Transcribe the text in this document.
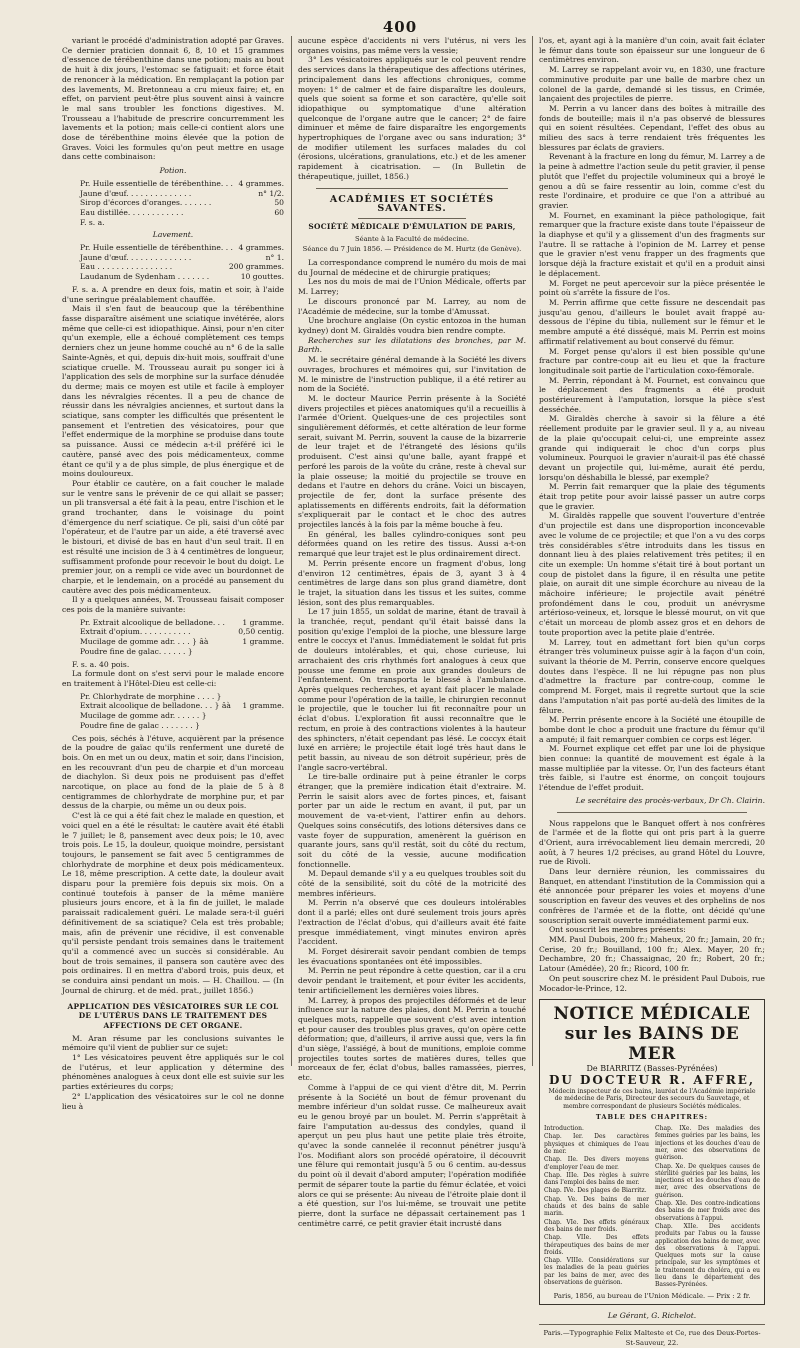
400

variant le procédé d'administration adopté par Graves. Ce dernier praticien donnait 6, 8, 10 et 15 grammes d'essence de térébenthine dans une potion; mais au bout de huit à dix jours, l'estomac se fatiguait: et force était de renoncer à la médication. En remplaçant la potion par des lavements, M. Bretonneau a cru mieux faire; et, en effet, on parvient peut-être plus souvent ainsi à vaincre le mal sans troubler les fonctions digestives. M. Trousseau a l'habitude de prescrire concurremment les lavements et la potion; mais celle-ci contient alors une dose de térébenthine moins élevée que la potion de Graves. Voici les formules qu'on peut mettre en usage dans cette combinaison:

Potion.
Pr. Huile essentielle de térébenthine. . . 4 grammes.
Jaune d'œuf. . . . . . . . . . . . . .	n° 1/2.
Sirop d'écorces d'oranges. . . . . . .	50
Eau distillée. . . . . . . . . . . .	60
F. s. a.
Lavement.
Pr. Huile essentielle de térébenthine. . . 4 grammes.
Jaune d'œuf. . . . . . . . . . . . . .	n° 1.
Eau . . . . . . . . . . . . . . . .	200 grammes.
Laudanum de Sydenham . . . . . . .	10 gouttes.

F. s. a. A prendre en deux fois, matin et soir, à l'aide d'une seringue préalablement chauffée.

Mais il s'en faut de beaucoup que la térébenthine fasse disparaître aisément une sciatique invétérée, alors même que celle-ci est idiopathique. Ainsi, pour n'en citer qu'un exemple, elle a échoué complètement ces temps derniers chez un jeune homme couché au n° 6 de la salle Sainte-Agnès, et qui, depuis dix-huit mois, souffrait d'une sciatique cruelle. M. Trousseau aurait pu songer ici à l'application des sels de morphine sur la surface dénudée du derme; mais ce moyen est utile et facile à employer dans les névralgies récentes. Il a peu de chance de réussir dans les névralgies anciennes, et surtout dans la sciatique, sans compter les difficultés que présentent le pansement et l'entretien des vésicatoires, pour que l'effet endermique de la morphine se produise dans toute sa puissance. Aussi ce médecin a-t-il préféré ici le cautère, pansé avec des pois médicamenteux, comme étant ce qu'il y a de plus simple, de plus énergique et de moins douloureux.

Pour établir ce cautère, on a fait coucher le malade sur le ventre sans le prévenir de ce qui allait se passer; un pli transversal a été fait à la peau, entre l'ischion et le grand trochanter, dans le voisinage du point d'émergence du nerf sciatique. Ce pli, saisi d'un côté par l'opérateur, et de l'autre par un aide, a été traversé avec le bistouri, et divisé de bas en haut d'un seul trait. Il en est résulté une incision de 3 à 4 centimètres de longueur, suffisamment profonde pour recevoir le bout du doigt. Le premier jour, on a rempli ce vide avec un bourdonnet de charpie, et le lendemain, on a procédé au pansement du cautère avec des pois médicamenteux.

Il y a quelques années, M. Trousseau faisait composer ces pois de la manière suivante:

Pr. Extrait alcoolique de belladone. . . 1 gramme.
Extrait d'opium. . . . . . . . . . .	0,50 centig.
Mucilage de gomme adr. . . . } âà	1 gramme.
Poudre fine de galac. . . . . . }

F. s. a. 40 pois.

La formule dont on s'est servi pour le malade encore en traitement à l'Hôtel-Dieu est celle-ci:

Pr. Chlorhydrate de morphine . . . . }
Extrait alcoolique de belladone. . . } âà 1 gramme.
Mucilage de gomme adr. . . . . . }
Poudre fine de galac . . . . . . . }

Ces pois, séchés à l'étuve, acquièrent par la présence de la poudre de gaïac qu'ils renferment une dureté de bois. On en met un ou deux, matin et soir, dans l'incision, en les recouvrant d'un peu de charpie et d'un morceau de diachylon. Si deux pois ne produisent pas d'effet narcotique, on place au fond de la plaie de 5 à 8 centigrammes de chlorhydrate de morphine pur, et par dessus de la charpie, ou même un ou deux pois.

C'est là ce qui a été fait chez le malade en question, et voici quel en a été le résultat: le cautère avait été établi le 7 juillet; le 8, pansement avec deux pois; le 10, avec trois pois. Le 15, la douleur, quoique moindre, persistant toujours, le pansement se fait avec 5 centigrammes de chlorhydrate de morphine et deux pois médicamenteux. Le 18, même prescription. A cette date, la douleur avait disparu pour la première fois depuis six mois. On a continué toutefois à panser de la même manière plusieurs jours encore, et à la fin de juillet, le malade paraissait radicalement guéri. Le malade sera-t-il guéri définitivement de sa sciatique? Cela est très probable; mais, afin de prévenir une récidive, il est convenable qu'il persiste pendant trois semaines dans le traitement qu'il a commencé avec un succès si considérable. Au bout de trois semaines, il pansera son cautère avec des pois ordinaires. Il en mettra d'abord trois, puis deux, et se conduira ainsi pendant un mois. — H. Chaillou. — (In Journal de chirurg. et de méd. prat., juillet 1856.)

APPLICATION DES VÉSICATOIRES SUR LE COL DE L'UTÉRUS DANS LE TRAITEMENT DES AFFECTIONS DE CET ORGANE.

M. Aran résume par les conclusions suivantes le mémoire qu'il vient de publier sur ce sujet:

1° Les vésicatoires peuvent être appliqués sur le col de l'utérus, et leur application y détermine des phénomènes analogues à ceux dont elle est suivie sur les parties extérieures du corps;

2° L'application des vésicatoires sur le col ne donne lieu à

aucune espèce d'accidents ni vers l'utérus, ni vers les organes voisins, pas même vers la vessie;

3° Les vésicatoires appliqués sur le col peuvent rendre des services dans la thérapeutique des affections utérines, principalement dans les affections chroniques, comme moyen: 1° de calmer et de faire disparaître les douleurs, quels que soient sa forme et son caractère, qu'elle soit idiopathique ou symptomatique d'une altération quelconque de l'organe autre que le cancer; 2° de faire diminuer et même de faire disparaître les engorgements hypertrophiques de l'organe avec ou sans induration; 3° de modifier utilement les surfaces malades du col (érosions, ulcérations, granulations, etc.) et de les amener rapidement à cicatrisation. — (In Bulletin de thérapeutique, juillet, 1856.)

ACADÉMIES ET SOCIÉTÉS SAVANTES.
SOCIÉTÉ MÉDICALE D'ÉMULATION DE PARIS,
Séante à la Faculté de médecine.
Séance du 7 Juin 1856. — Présidence de M. Hurtz (de Genève).

La correspondance comprend le numéro du mois de mai du Journal de médecine et de chirurgie pratiques;

Les nos du mois de mai de l'Union Médicale, offerts par M. Larrey;

Le discours prononcé par M. Larrey, au nom de l'Académie de médecine, sur la tombe d'Amussat.

Une brochure anglaise (On cystic entozoa in the human kydney) dont M. Giraldès voudra bien rendre compte.

Recherches sur les dilatations des bronches, par M. Barth.

M. le secrétaire général demande à la Société les divers ouvrages, brochures et mémoires qui, sur l'invitation de M. le ministre de l'instruction publique, il a été retirer au nom de la Société.

M. le docteur Maurice Perrin présente à la Société divers projectiles et pièces anatomiques qu'il a recueillis à l'armée d'Orient. Quelques-une de ces projectiles sont singulièrement déformés, et cette altération de leur forme serait, suivant M. Perrin, souvent la cause de la bizarrerie de leur trajet et de l'étrangeté des lésions qu'ils produisent. C'est ainsi qu'une balle, ayant frappé et perforé les parois de la voûte du crâne, reste à cheval sur la plaie osseuse; la moitié du projectile se trouve en dedans et l'autre en dehors du crâne. Voici un biscayen, projectile de fer, dont la surface présente des aplatissements en différents endroits, fait la déformation s'expliquerait par le contact et le choc des autres projectiles lancés à la fois par la même bouche à feu.

En général, les balles cylindro-coniques sont peu déformées quand on les retire des tissus. Aussi a-t-on remarqué que leur trajet est le plus ordinairement direct.

M. Perrin présente encore un fragment d'obus, long d'environ 12 centimètres, épais de 3, ayant 3 à 4 centimètres de large dans son plus grand diamètre, dont le trajet, la situation dans les tissus et les suites, comme lésion, sont des plus remarquables.

Le 17 juin 1855, un soldat de marine, étant de travail à la tranchée, reçut, pendant qu'il était baissé dans la position qu'exige l'emploi de la pioche, une blessure large entre le coccyx et l'anus. Immédiatement le soldat fut pris de douleurs intolérables, et qui, chose curieuse, lui arrachaient des cris rhythmés fort analogues à ceux que pousse une femme en proie aux grandes douleurs de l'enfantement. On transporta le blessé à l'ambulance. Après quelques recherches, et ayant fait placer le malade comme pour l'opération de la taille, le chirurgien reconnut le projectile, que le toucher lui fit reconnaître pour un éclat d'obus. L'exploration fit aussi reconnaître que le rectum, en proie à des contractions violentes à la hauteur des sphincters, n'était cependant pas lésé. Le coccyx était luxé en arrière; le projectile était logé très haut dans le petit bassin, au niveau de son détroit supérieur, près de l'angle sacro-vertébral.

Le tire-balle ordinaire put à peine étranler le corps étranger, que la première indication était d'extraire. M. Perrin le saisit alors avec de fortes pinces, et, faisant porter par un aide le rectum en avant, il put, par un mouvement de va-et-vient, l'attirer enfin au dehors. Quelques soins consécutifs, des lotions détersives dans ce vaste foyer de suppuration, amenèrent la guérison en quarante jours, sans qu'il restât, soit du côté du rectum, soit du côté de la vessie, aucune modification fonctionnelle.

M. Depaul demande s'il y a eu quelques troubles soit du côté de la sensibilité, soit du côté de la motricité des membres inférieurs.

M. Perrin n'a observé que ces douleurs intolérables dont il a parlé; elles ont duré seulement trois jours après l'extraction de l'éclat d'obus, qui d'ailleurs avait été faite presque immédiatement, vingt minutes environ après l'accident.

M. Forget désirerait savoir pendant combien de temps les évacuations spontanées ont été impossibles.

M. Perrin ne peut répondre à cette question, car il a cru devoir pendant le traitement, et pour éviter les accidents, tenir artificiellement les dernières voies libres.

M. Larrey, à propos des projectiles déformés et de leur influence sur la nature des plaies, dont M. Perrin a touché quelques mots, rappelle que souvent c'est avec intention et pour causer des troubles plus graves, qu'on opère cette déformation; que, d'ailleurs, il arrive aussi que, vers la fin d'un siège, l'assiégé, à bout de munitions, emploie comme projectiles toutes sortes de matières dures, telles que morceaux de fer, éclat d'obus, balles ramassées, pierres, etc.

Comme à l'appui de ce qui vient d'être dit, M. Perrin présente à la Société un bout de fémur provenant du membre inférieur d'un soldat russe. Ce malheureux avait eu le genou broyé par un boulet. M. Perrin s'apprêtait à faire l'amputation au-dessus des condyles, quand il aperçut un peu plus haut une petite plaie très étroite, qu'avec la sonde cannelée il reconnut pénétrer jusqu'à l'os. Modifiant alors son procédé opératoire, il découvrit une fêlure qui remontait jusqu'à 5 ou 6 centim. au-dessus du point où il devait d'abord amputer; l'opération modifiée permit de séparer toute la partie du fémur éclatée, et voici alors ce qui se présente: Au niveau de l'étroite plaie dont il a été question, sur l'os lui-même, se trouvait une petite pierre, dont la surface ne dépassait certainement pas 1 centimètre carré, ce petit gravier était incrusté dans

l'os, et, ayant agi à la manière d'un coin, avait fait éclater le fémur dans toute son épaisseur sur une longueur de 6 centimètres environ.

M. Larrey se rappelant avoir vu, en 1830, une fracture comminutive produite par une balle de marbre chez un colonel de la garde, demandé si les tissus, en Crimée, lançaient des projectiles de pierre.

M. Perrin a vu lancer dans des boîtes à mitraille des fonds de bouteille; mais il n'a pas observé de blessures qui en soient résultées. Cependant, l'effet des obus au milieu des sacs à terre rendaient très fréquentes les blessures par éclats de graviers.

Revenant à la fracture en long du fémur, M. Larrey a de la peine à admettre l'action seule du petit gravier, il pense plutôt que l'effet du projectile volumineux qui a broyé le genou a dû se faire ressentir au loin, comme c'est du reste l'ordinaire, et produire ce que l'on a attribué au gravier.

M. Fournet, en examinant la pièce pathologique, fait remarquer que la fracture existe dans toute l'épaisseur de la diaphyse et qu'il y a glissement d'un des fragments sur l'autre. Il se rattache à l'opinion de M. Larrey et pense que le gravier n'est venu frapper un des fragments que lorsque déjà la fracture existait et qu'il en a produit ainsi le déplacement.

M. Forget ne peut apercevoir sur la pièce présentée le point où s'arrête la fissure de l'os.

M. Perrin affirme que cette fissure ne descendait pas jusqu'au genou, d'ailleurs le boulet avait frappé au-dessous de l'épine du tibia, nullement sur le fémur et le membre amputé a été disséqué, mais M. Perrin est moins affirmatif relativement au bout conservé du fémur.

M. Forget pense qu'alors il est bien possible qu'une fracture par contre-coup ait eu lieu et que la fracture longitudinale soit partie de l'articulation coxo-fémorale.

M. Perrin, répondant à M. Fournet, est convaincu que le déplacement des fragments a été produit postérieurement à l'amputation, lorsque la pièce s'est desséchée.

M. Giraldès cherche à savoir si la fêlure a été réellement produite par le gravier seul. Il y a, au niveau de la plaie qu'occupait celui-ci, une empreinte assez grande qui indiquerait le choc d'un corps plus volumineux. Pourquoi le gravier n'aurait-il pas été chassé devant un projectile qui, lui-même, aurait été perdu, lorsqu'on déshabilla le blessé, par exemple?

M. Perrin fait remarquer que la plaie des téguments était trop petite pour avoir laissé passer un autre corps que le gravier.

M. Giraldès rappelle que souvent l'ouverture d'entrée d'un projectile est dans une disproportion inconcevable avec le volume de ce projectile; et que l'on a vu des corps très considérables s'être introduits dans les tissus en donnant lieu à des plaies relativement très petites; il en cite un exemple: Un homme s'était tiré à bout portant un coup de pistolet dans la figure, il en résulta une petite plaie, on aurait dit une simple écorchure au niveau de la mâchoire inférieure; le projectile avait pénétré profondément dans le cou, produit un anévrysme artérioso-veineux, et, lorsque le blessé mourut, on vit que c'était un morceau de plomb assez gros et en dehors de toute proportion avec la petite plaie d'entrée.

M. Larrey, tout en admettant fort bien qu'un corps étranger très volumineux puisse agir à la façon d'un coin, suivant la théorie de M. Perrin, conserve encore quelques doutes dans l'espèce. Il ne lui répugne pas non plus d'admettre la fracture par contre-coup, comme le comprend M. Forget, mais il regrette surtout que la scie dans l'amputation n'ait pas porté au-delà des limites de la fêlure.

M. Perrin présente encore à la Société une étoupille de bombe dont le choc a produit une fracture du fémur qu'il a amputé; il fait remarquer combien ce corps est léger.

M. Fournet explique cet effet par une loi de physique bien connue: la quantité de mouvement est égale à la masse multipliée par la vitesse. Or, l'un des facteurs étant très faible, si l'autre est énorme, on conçoit toujours l'étendue de l'effet produit.

Le secrétaire des procès-verbaux, Dr Ch. Clairin.

Nous rappelons que le Banquet offert à nos confrères de l'armée et de la flotte qui ont pris part à la guerre d'Orient, aura irrévocablement lieu demain mercredi, 20 août, à 7 heures 1/2 précises, au grand Hôtel du Louvre, rue de Rivoli.

Dans leur dernière réunion, les commissaires du Banquet, en attendant l'institution de la Commission qui a été annoncée pour préparer les voies et moyens d'une souscription en faveur des veuves et des orphelins de nos confrères de l'armée et de la flotte, ont décidé qu'une souscription serait ouverte immédiatement parmi eux.

Ont souscrit les membres présents:

MM. Paul Dubois, 200 fr.; Maheux, 20 fr.; Jamain, 20 fr.; Cerise, 20 fr.; Bouilland, 100 fr.; Alex. Mayer, 20 fr.; Dechambre, 20 fr.; Chassaignac, 20 fr.; Robert, 20 fr.; Latour (Amédée), 20 fr.; Ricord, 100 fr.

On peut souscrire chez M. le président Paul Dubois, rue Mocador-le-Prince, 12.

NOTICE MÉDICALE sur les BAINS DE MER
De BIARRITZ (Basses-Pyrénées)
DU DOCTEUR R. AFFRE,
Médecin inspecteur de ces bains, lauréat de l'Académie impériale de médecine de Paris, Directeur des secours du Sauvetage, et membre correspondant de plusieurs Sociétés médicales.
TABLE DES CHAPITRES:

Introduction.

Chap. Ier. Des caractères physiques et chimiques de l'eau de mer.

Chap. IIe. Des divers moyens d'employer l'eau de mer.

Chap. IIIe. Des règles à suivre dans l'emploi des bains de mer.

Chap. IVe. Des plages de Biarritz.

Chap. Ve. Des bains de mer chauds et des bains de sable marin.

Chap. VIe. Des effets généraux des bains de mer froids.

Chap. VIIe. Des effets thérapeutiques des bains de mer froids.

Chap. VIIIe. Considérations sur les maladies de la peau guéries par les bains de mer, avec des observations de guérison.

Chap. IXe. Des maladies des femmes guéries par les bains, les injections et les douches d'eau de mer, avec des observations de guérison.

Chap. Xe. De quelques causes de stérilité guéries par les bains, les injections et les douches d'eau de mer, avec des observations de guérison.

Chap. XIe. Des contre-indications des bains de mer froids avec des observations à l'appui.

Chap. XIIe. Des accidents produits par l'abus ou la fausse application des bains de mer, avec des observations à l'appui. Quelques mots sur la cause principale, sur les symptômes et le traitement du choléra, qui a eu lieu dans le département des Basses-Pyrénées.

Paris, 1856, au bureau de l'Union Médicale. — Prix : 2 fr.
Le Gérant, G. Richelot.
Paris.—Typographie Felix Malteste et Ce, rue des Deux-Portes-St-Sauveur, 22.
